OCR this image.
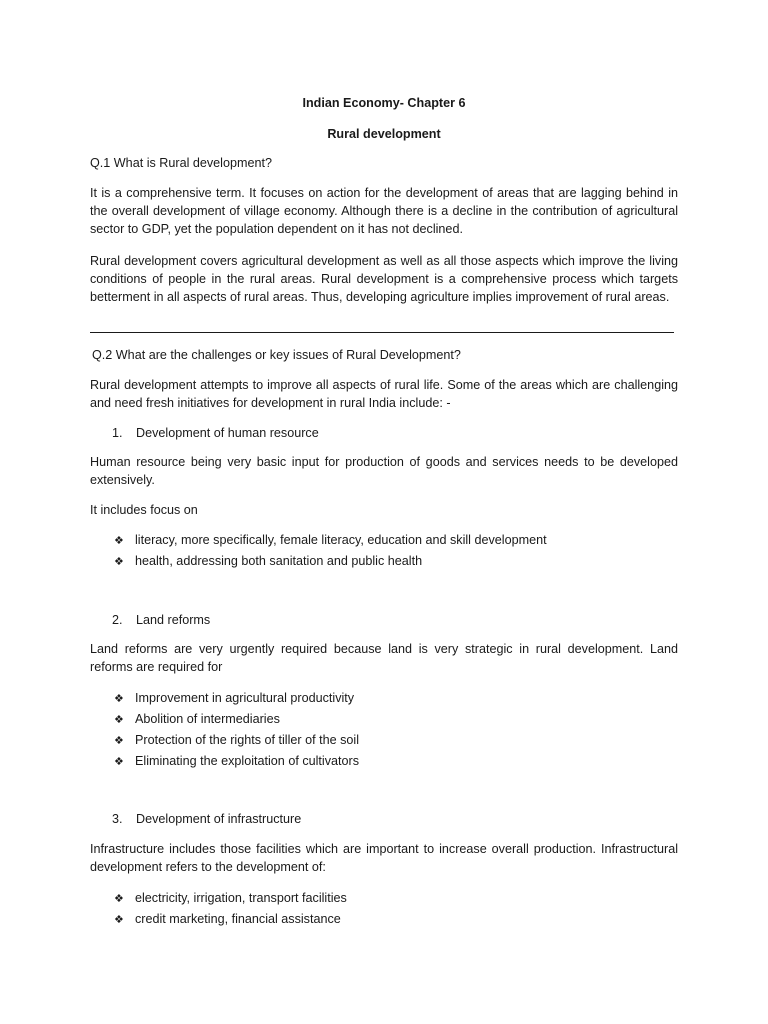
Indian Economy- Chapter 6

Rural development

Q.1 What is Rural development?

It is a comprehensive term. It focuses on action for the development of areas that are lagging behind in the overall development of village economy. Although there is a decline in the contribution of agricultural sector to GDP, yet the population dependent on it has not declined.

Rural development covers agricultural development as well as all those aspects which improve the living conditions of people in the rural areas. Rural development is a comprehensive process which targets betterment in all aspects of rural areas. Thus, developing agriculture implies improvement of rural areas.

Q.2 What are the challenges or key issues of Rural Development?

Rural development attempts to improve all aspects of rural life. Some of the areas which are challenging and need fresh initiatives for development in rural India include: -

1. Development of human resource

Human resource being very basic input for production of goods and services needs to be developed extensively.

It includes focus on

❖ literacy, more specifically, female literacy, education and skill development
❖ health, addressing both sanitation and public health
2. Land reforms

Land reforms are very urgently required because land is very strategic in rural development. Land reforms are required for

❖ Improvement in agricultural productivity
❖ Abolition of intermediaries
❖ Protection of the rights of tiller of the soil
❖ Eliminating the exploitation of cultivators
3. Development of infrastructure

Infrastructure includes those facilities which are important to increase overall production. Infrastructural development refers to the development of:

❖ electricity, irrigation, transport facilities
❖ credit marketing, financial assistance
